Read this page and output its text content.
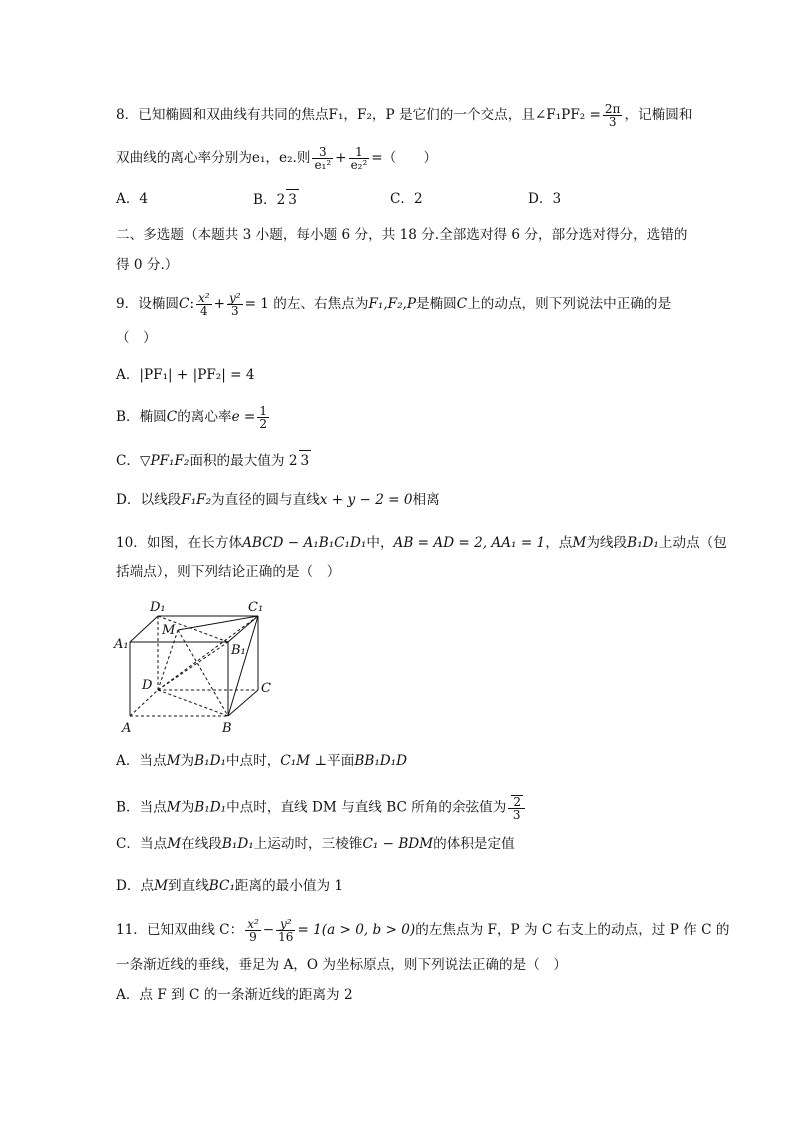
8．已知椭圆和双曲线有共同的焦点F₁，F₂，P 是它们的一个交点，且∠F₁PF₂ = $\frac{2\pi}{3}$ ，记椭圆和
双曲线的离心率分别为e₁，e₂.则 $\frac{3}{\text{e₁²}} + \frac{1}{\text{e₂²}}$ =（　　）
A．4	B．2 3	C．2	D．3
二、多选题（本题共 3 小题，每小题 6 分，共 18 分.全部选对得 6 分，部分选对得分，选错的
得 0 分.）
9．设椭圆C: $\frac{\text{x²}}{4} + \frac{\text{y²}}{3} = 1$ 的左、右焦点为F₁,F₂,P是椭圆C上的动点，则下列说法中正确的是
（　）
A．|PF₁| + |PF₂| = 4
B．椭圆C的离心率$e = \frac{1}{2}$
C．▽PF₁F₂面积的最大值为 2 3
D．以线段F₁F₂为直径的圆与直线x + y − 2 = 0相离
10．如图，在长方体ABCD − A₁B₁C₁D₁中，AB = AD = 2, AA₁ = 1，点M为线段B₁D₁上动点（包
括端点），则下列结论正确的是（　）
D₁	C₁
A₁	B₁
M
D	C
A	B
A．当点M为B₁D₁中点时，C₁M ⊥平面BB₁D₁D
B．当点M为B₁D₁中点时，直线 DM 与直线 BC 所角的余弦值为 $\frac{2}{3}$
C．当点M在线段B₁D₁上运动时，三棱锥C₁ − BDM的体积是定值
D．点M到直线BC₁距离的最小值为 1
11．已知双曲线 C： $\frac{\text{x²}}{9} - \frac{\text{y²}}{16} = 1(a > 0$, b > 0)的左焦点为 F，P 为 C 右支上的动点，过 P 作 C 的
一条渐近线的垂线，垂足为 A，O 为坐标原点，则下列说法正确的是（　）
A．点 F 到 C 的一条渐近线的距离为 2
